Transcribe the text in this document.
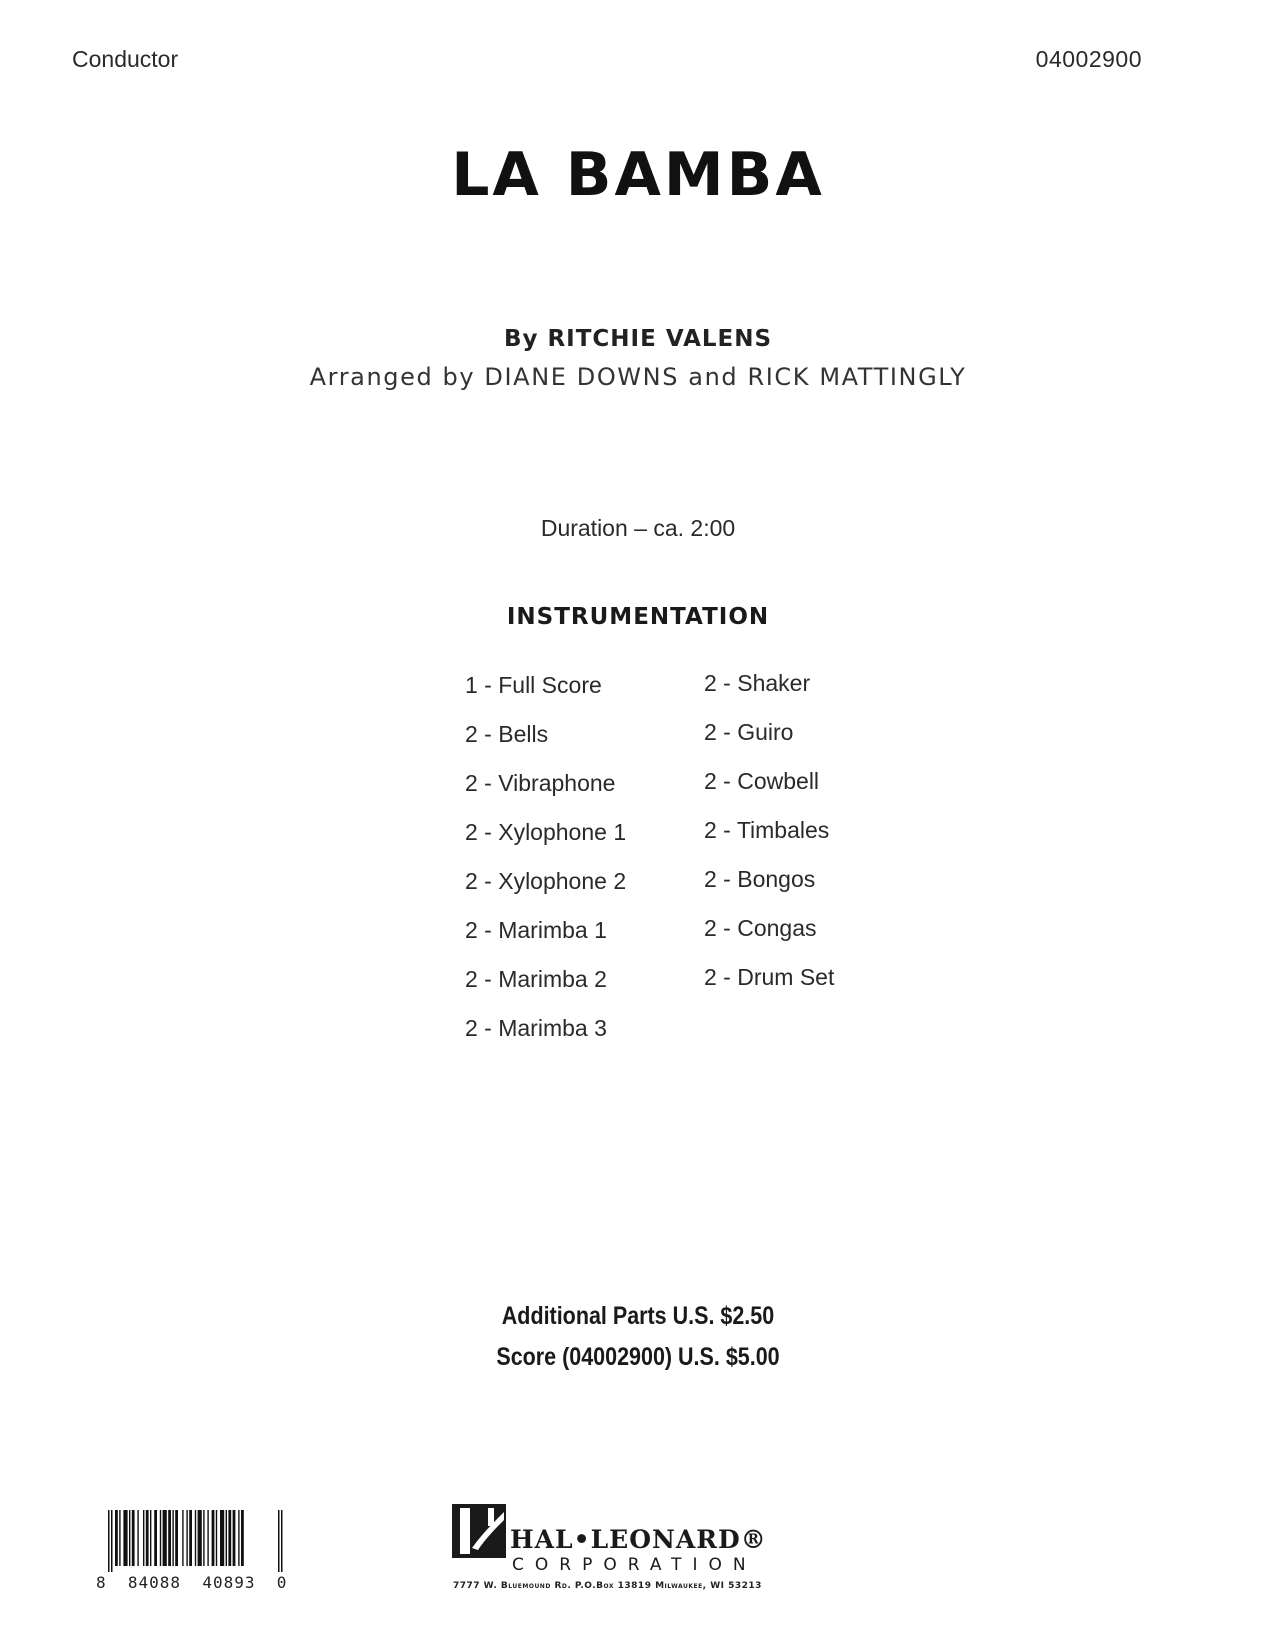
Conductor	04002900
LA BAMBA
By RITCHIE VALENS
Arranged by DIANE DOWNS and RICK MATTINGLY
Duration – ca. 2:00
INSTRUMENTATION
1 - Full Score
2 - Bells
2 - Vibraphone
2 - Xylophone 1
2 - Xylophone 2
2 - Marimba 1
2 - Marimba 2
2 - Marimba 3
2 - Shaker
2 - Guiro
2 - Cowbell
2 - Timbales
2 - Bongos
2 - Congas
2 - Drum Set
Additional Parts U.S. $2.50
Score (04002900) U.S. $5.00
8  84088  40893  0
HAL•LEONARD®
CORPORATION
7777 W. Bluemound Rd. P.O.Box 13819 Milwaukee, WI 53213
